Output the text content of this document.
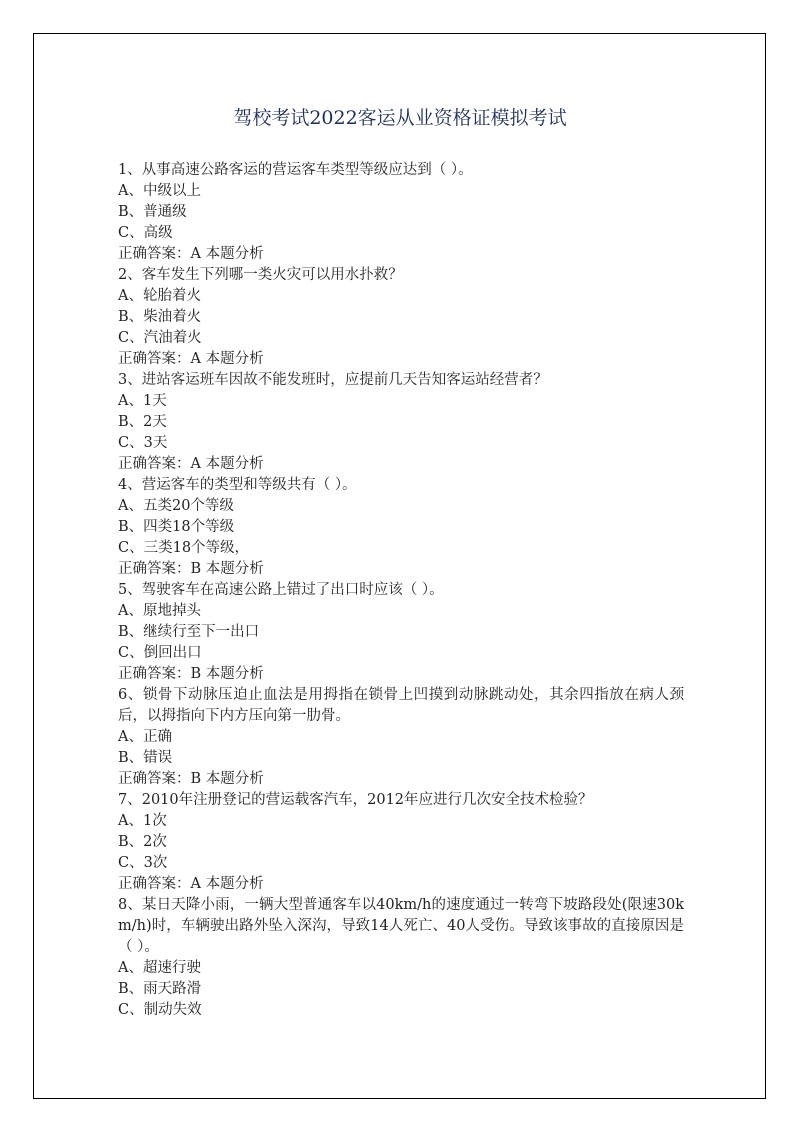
驾校考试2022客运从业资格证模拟考试
1、从事高速公路客运的营运客车类型等级应达到（ ）。
A、中级以上
B、普通级
C、高级
正确答案：A 本题分析
2、客车发生下列哪一类火灾可以用水扑救？
A、轮胎着火
B、柴油着火
C、汽油着火
正确答案：A 本题分析
3、进站客运班车因故不能发班时，应提前几天告知客运站经营者？
A、1天
B、2天
C、3天
正确答案：A 本题分析
4、营运客车的类型和等级共有（ ）。
A、五类20个等级
B、四类18个等级
C、三类18个等级，
正确答案：B 本题分析
5、驾驶客车在高速公路上错过了出口时应该（ ）。
A、原地掉头
B、继续行至下一出口
C、倒回出口
正确答案：B 本题分析
6、锁骨下动脉压迫止血法是用拇指在锁骨上凹摸到动脉跳动处，其余四指放在病人颈后，以拇指向下内方压向第一肋骨。
A、正确
B、错误
正确答案：B 本题分析
7、2010年注册登记的营运载客汽车，2012年应进行几次安全技术检验？
A、1次
B、2次
C、3次
正确答案：A 本题分析
8、某日天降小雨，一辆大型普通客车以40km/h的速度通过一转弯下坡路段处(限速30km/h)时，车辆驶出路外坠入深沟，导致14人死亡、40人受伤。导致该事故的直接原因是（ ）。
A、超速行驶
B、雨天路滑
C、制动失效
